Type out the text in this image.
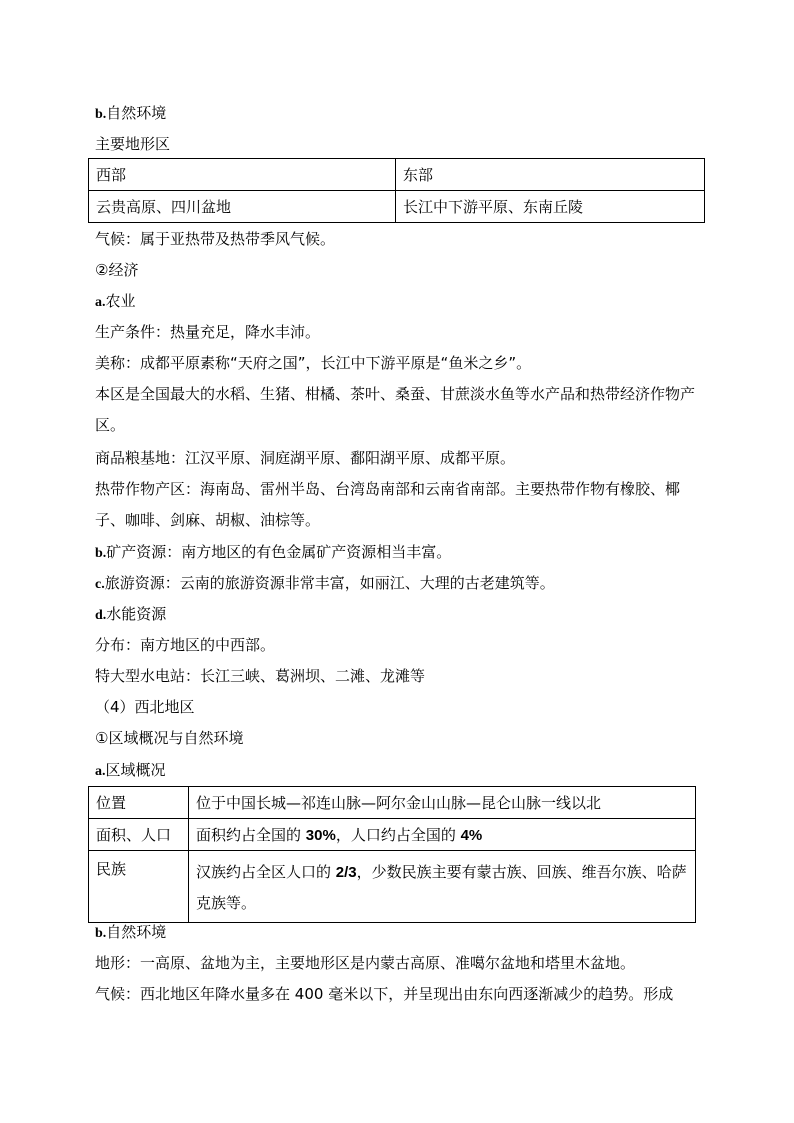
b.自然环境
主要地形区
西部	东部
云贵高原、四川盆地	长江中下游平原、东南丘陵
气候：属于亚热带及热带季风气候。
②经济
a.农业
生产条件：热量充足，降水丰沛。
美称：成都平原素称“天府之国”，长江中下游平原是“鱼米之乡”。
本区是全国最大的水稻、生猪、柑橘、茶叶、桑蚕、甘蔗淡水鱼等水产品和热带经济作物产区。
商品粮基地：江汉平原、洞庭湖平原、鄱阳湖平原、成都平原。
热带作物产区：海南岛、雷州半岛、台湾岛南部和云南省南部。主要热带作物有橡胶、椰子、咖啡、剑麻、胡椒、油棕等。
b.矿产资源：南方地区的有色金属矿产资源相当丰富。
c.旅游资源：云南的旅游资源非常丰富，如丽江、大理的古老建筑等。
d.水能资源
分布：南方地区的中西部。
特大型水电站：长江三峡、葛洲坝、二滩、龙滩等
（4）西北地区
①区域概况与自然环境
a.区域概况
位置	位于中国长城—祁连山脉—阿尔金山山脉—昆仑山脉一线以北
面积、人口	面积约占全国的 30%，人口约占全国的 4%
民族	汉族约占全区人口的 2/3，少数民族主要有蒙古族、回族、维吾尔族、哈萨克族等。
b.自然环境
地形：一高原、盆地为主，主要地形区是内蒙古高原、准噶尔盆地和塔里木盆地。
气候：西北地区年降水量多在 400 毫米以下，并呈现出由东向西逐渐减少的趋势。形成
